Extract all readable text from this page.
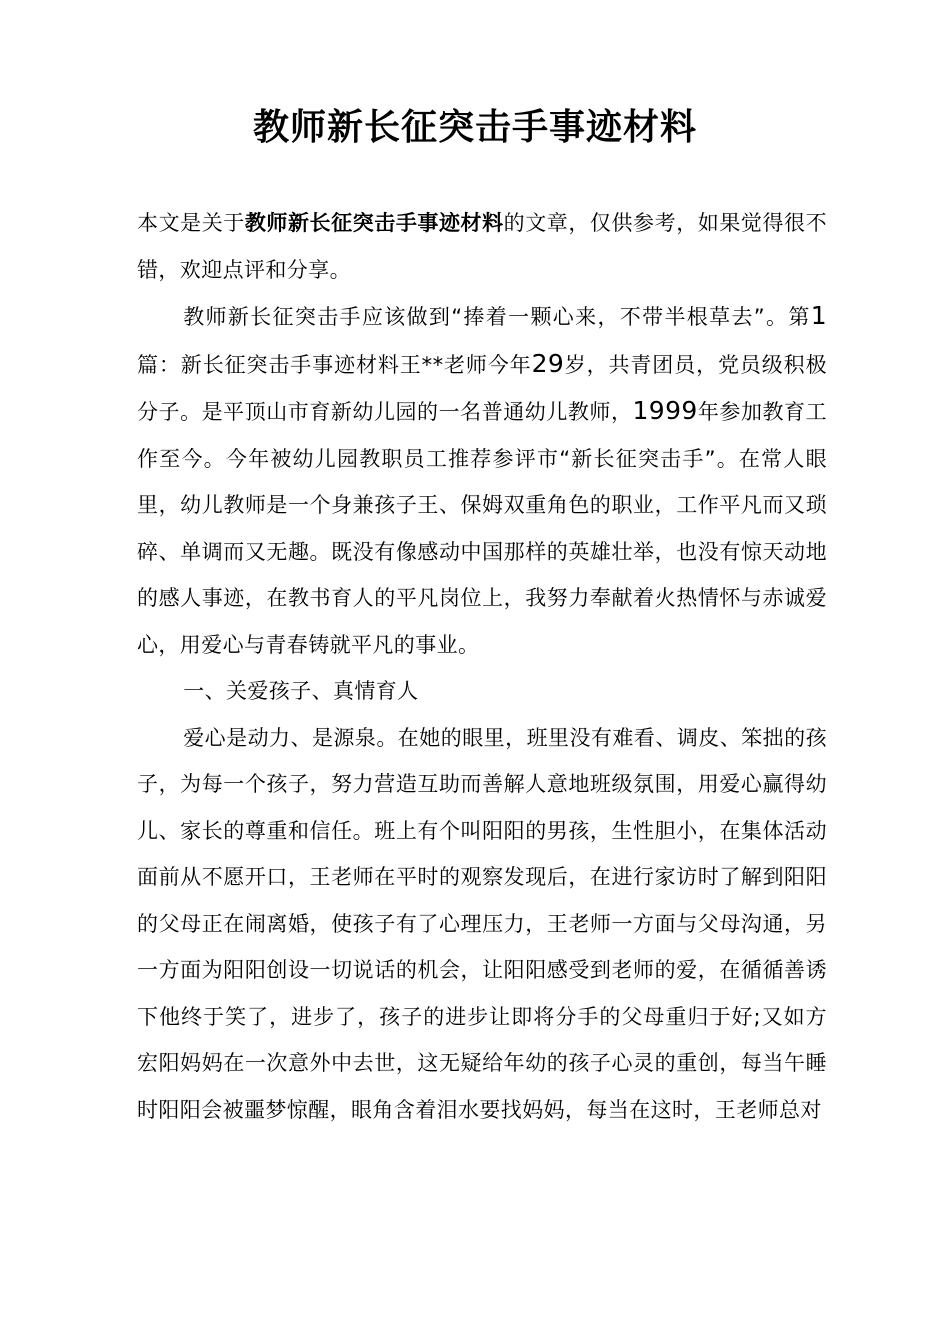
教师新长征突击手事迹材料

本文是关于教师新长征突击手事迹材料的文章，仅供参考，如果觉得很不错，欢迎点评和分享。

教师新长征突击手应该做到“捧着一颗心来，不带半根草去”。第1篇：新长征突击手事迹材料王**老师今年29岁，共青团员，党员级积极分子。是平顶山市育新幼儿园的一名普通幼儿教师，1999年参加教育工作至今。今年被幼儿园教职员工推荐参评市“新长征突击手”。在常人眼里，幼儿教师是一个身兼孩子王、保姆双重角色的职业，工作平凡而又琐碎、单调而又无趣。既没有像感动中国那样的英雄壮举，也没有惊天动地的感人事迹，在教书育人的平凡岗位上，我努力奉献着火热情怀与赤诚爱心，用爱心与青春铸就平凡的事业。

一、关爱孩子、真情育人

爱心是动力、是源泉。在她的眼里，班里没有难看、调皮、笨拙的孩子，为每一个孩子，努力营造互助而善解人意地班级氛围，用爱心赢得幼儿、家长的尊重和信任。班上有个叫阳阳的男孩，生性胆小，在集体活动面前从不愿开口，王老师在平时的观察发现后，在进行家访时了解到阳阳的父母正在闹离婚，使孩子有了心理压力，王老师一方面与父母沟通，另一方面为阳阳创设一切说话的机会，让阳阳感受到老师的爱，在循循善诱下他终于笑了，进步了，孩子的进步让即将分手的父母重归于好;又如方宏阳妈妈在一次意外中去世，这无疑给年幼的孩子心灵的重创，每当午睡时阳阳会被噩梦惊醒，眼角含着泪水要找妈妈，每当在这时，王老师总对
